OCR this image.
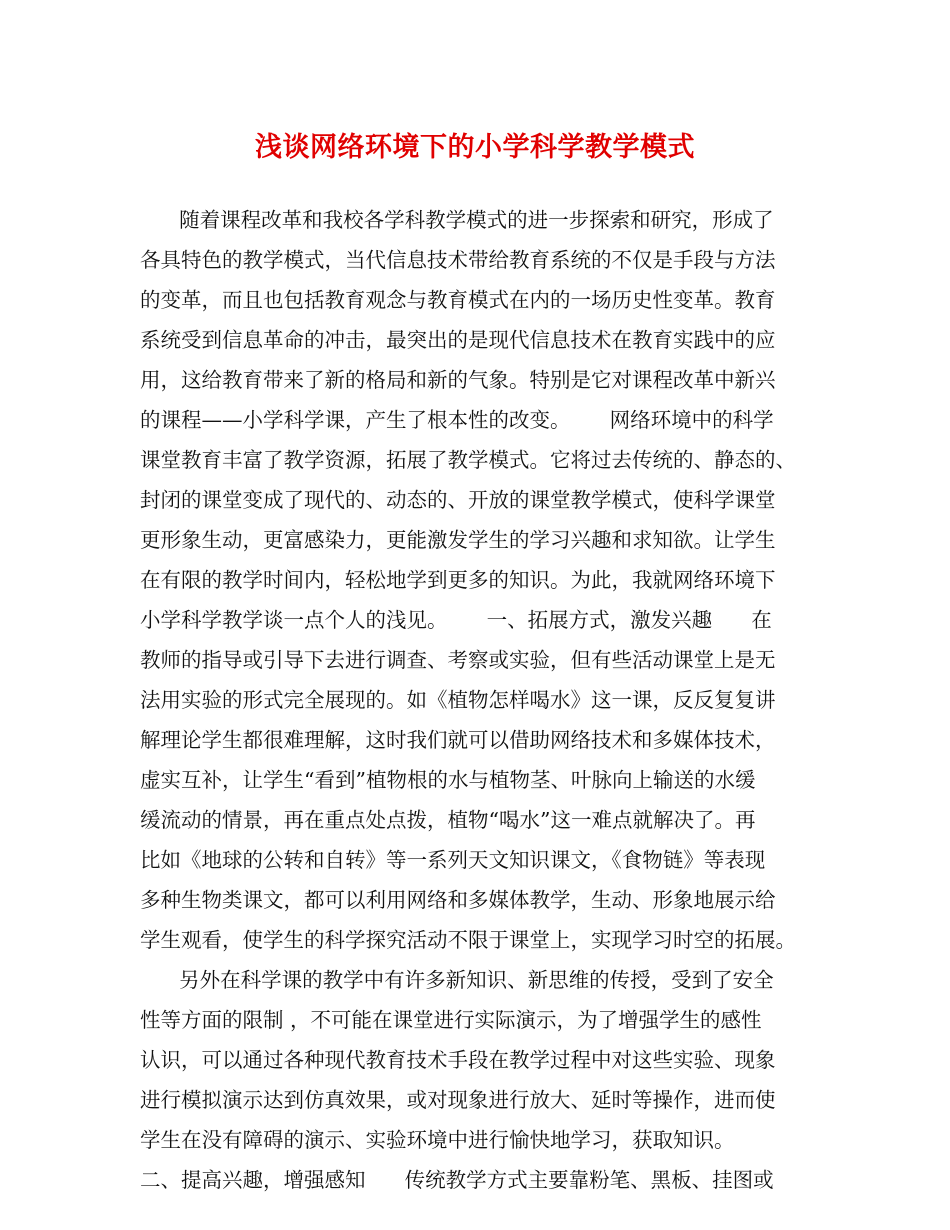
浅谈网络环境下的小学科学教学模式

随着课程改革和我校各学科教学模式的进一步探索和研究，形成了

各具特色的教学模式，当代信息技术带给教育系统的不仅是手段与方法

的变革，而且也包括教育观念与教育模式在内的一场历史性变革。教育

系统受到信息革命的冲击，最突出的是现代信息技术在教育实践中的应

用，这给教育带来了新的格局和新的气象。特别是它对课程改革中新兴

的课程——小学科学课，产生了根本性的改变。      网络环境中的科学

课堂教育丰富了教学资源，拓展了教学模式。它将过去传统的、静态的、

封闭的课堂变成了现代的、动态的、开放的课堂教学模式，使科学课堂

更形象生动，更富感染力，更能激发学生的学习兴趣和求知欲。让学生

在有限的教学时间内，轻松地学到更多的知识。为此，我就网络环境下

小学科学教学谈一点个人的浅见。      一、拓展方式，激发兴趣      在

教师的指导或引导下去进行调查、考察或实验，但有些活动课堂上是无

法用实验的形式完全展现的。如《植物怎样喝水》这一课，反反复复讲

解理论学生都很难理解，这时我们就可以借助网络技术和多媒体技术，

虚实互补，让学生“看到”植物根的水与植物茎、叶脉向上输送的水缓

缓流动的情景，再在重点处点拨，植物“喝水”这一难点就解决了。再

比如《地球的公转和自转》等一系列天文知识课文，《食物链》等表现

多种生物类课文，都可以利用网络和多媒体教学，生动、形象地展示给

学生观看，使学生的科学探究活动不限于课堂上，实现学习时空的拓展。

另外在科学课的教学中有许多新知识、新思维的传授，受到了安全

性等方面的限制 ，不可能在课堂进行实际演示，为了增强学生的感性

认识，可以通过各种现代教育技术手段在教学过程中对这些实验、现象

进行模拟演示达到仿真效果，或对现象进行放大、延时等操作，进而使

学生在没有障碍的演示、实验环境中进行愉快地学习，获取知识。

二、提高兴趣，增强感知      传统教学方式主要靠粉笔、黑板、挂图或
